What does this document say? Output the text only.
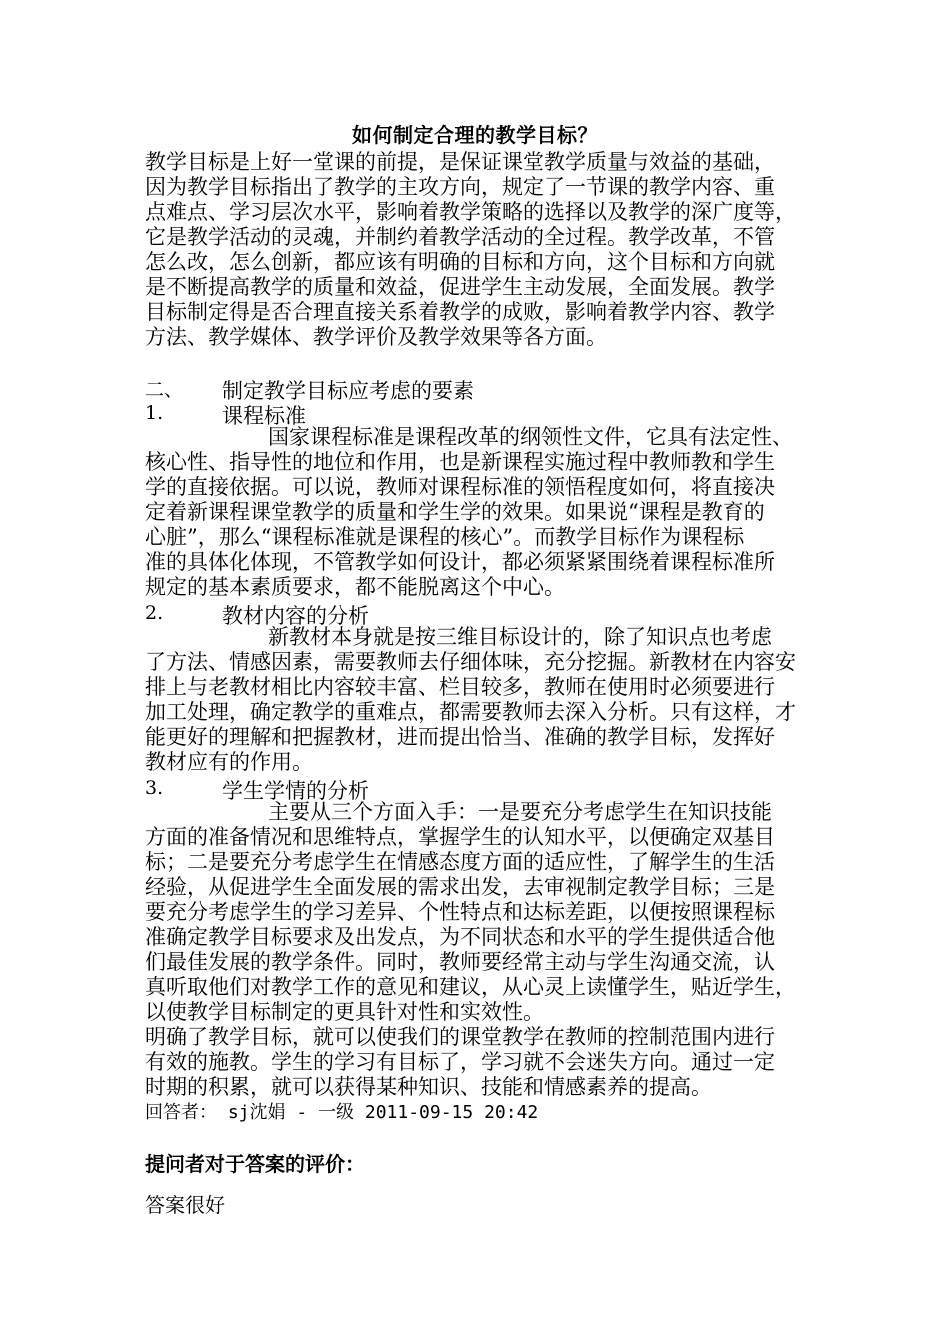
如何制定合理的教学目标？
教学目标是上好一堂课的前提，是保证课堂教学质量与效益的基础，
因为教学目标指出了教学的主攻方向，规定了一节课的教学内容、重
点难点、学习层次水平，影响着教学策略的选择以及教学的深广度等，
它是教学活动的灵魂，并制约着教学活动的全过程。教学改革，不管
怎么改，怎么创新，都应该有明确的目标和方向，这个目标和方向就
是不断提高教学的质量和效益，促进学生主动发展，全面发展。教学
目标制定得是否合理直接关系着教学的成败，影响着教学内容、教学
方法、教学媒体、教学评价及教学效果等各方面。
二、 制定教学目标应考虑的要素
1.	课程标准
国家课程标准是课程改革的纲领性文件，它具有法定性、
核心性、指导性的地位和作用，也是新课程实施过程中教师教和学生
学的直接依据。可以说，教师对课程标准的领悟程度如何，将直接决
定着新课程课堂教学的质量和学生学的效果。如果说“课程是教育的
心脏”，那么“课程标准就是课程的核心”。而教学目标作为课程标
准的具体化体现，不管教学如何设计，都必须紧紧围绕着课程标准所
规定的基本素质要求，都不能脱离这个中心。
2.	教材内容的分析
新教材本身就是按三维目标设计的，除了知识点也考虑
了方法、情感因素，需要教师去仔细体味，充分挖掘。新教材在内容安
排上与老教材相比内容较丰富、栏目较多，教师在使用时必须要进行
加工处理，确定教学的重难点，都需要教师去深入分析。只有这样，才
能更好的理解和把握教材，进而提出恰当、准确的教学目标，发挥好
教材应有的作用。
3.	学生学情的分析
主要从三个方面入手：一是要充分考虑学生在知识技能
方面的准备情况和思维特点，掌握学生的认知水平，以便确定双基目
标；二是要充分考虑学生在情感态度方面的适应性，了解学生的生活
经验，从促进学生全面发展的需求出发，去审视制定教学目标；三是
要充分考虑学生的学习差异、个性特点和达标差距，以便按照课程标
准确定教学目标要求及出发点，为不同状态和水平的学生提供适合他
们最佳发展的教学条件。同时，教师要经常主动与学生沟通交流，认
真听取他们对教学工作的意见和建议，从心灵上读懂学生，贴近学生，
以使教学目标制定的更具针对性和实效性。
明确了教学目标，就可以使我们的课堂教学在教师的控制范围内进行
有效的施教。学生的学习有目标了，学习就不会迷失方向。通过一定
时期的积累，就可以获得某种知识、技能和情感素养的提高。
回答者： sj沈娟 - 一级 2011-09-15 20:42
提问者对于答案的评价：
答案很好
